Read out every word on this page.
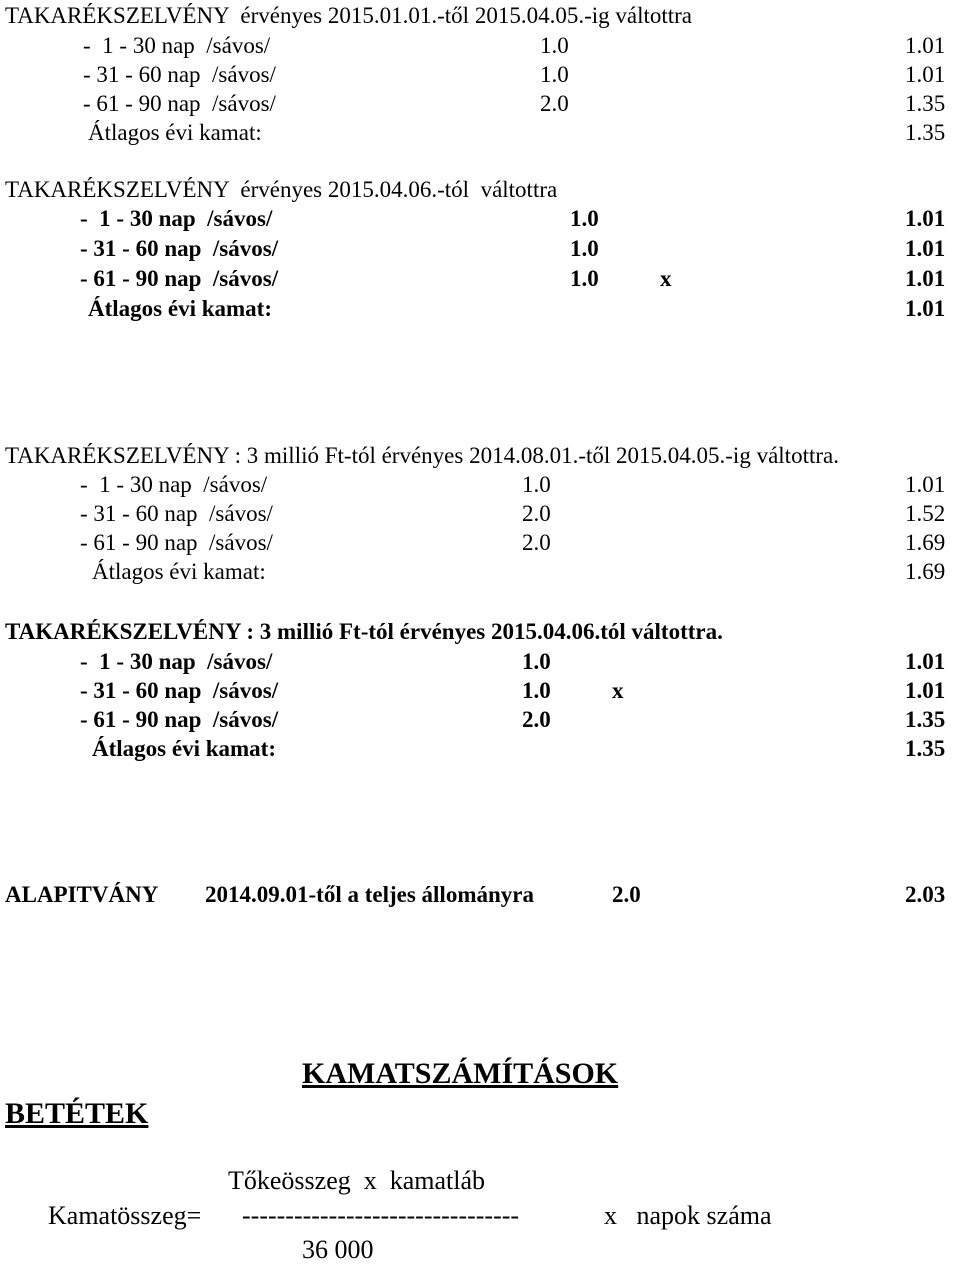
TAKARÉKSZELVÉNY  érvényes 2015.01.01.-től 2015.04.05.-ig váltottra
-  1 - 30 nap  /sávos/	1.0	1.01
- 31 - 60 nap  /sávos/	1.0	1.01
- 61 - 90 nap  /sávos/	2.0	1.35
Átlagos évi kamat:	1.35
TAKARÉKSZELVÉNY  érvényes 2015.04.06.-tól  váltottra
-  1 - 30 nap  /sávos/	1.0	1.01
- 31 - 60 nap  /sávos/	1.0	1.01
- 61 - 90 nap  /sávos/	1.0	x	1.01
Átlagos évi kamat:	1.01
TAKARÉKSZELVÉNY : 3 millió Ft-tól érvényes 2014.08.01.-től 2015.04.05.-ig váltottra.
-  1 - 30 nap  /sávos/	1.0	1.01
- 31 - 60 nap  /sávos/	2.0	1.52
- 61 - 90 nap  /sávos/	2.0	1.69
Átlagos évi kamat:	1.69
TAKARÉKSZELVÉNY : 3 millió Ft-tól érvényes 2015.04.06.tól váltottra.
-  1 - 30 nap  /sávos/	1.0	1.01
- 31 - 60 nap  /sávos/	1.0	x	1.01
- 61 - 90 nap  /sávos/	2.0	1.35
Átlagos évi kamat:	1.35
ALAPITVÁNY 2014.09.01-től a teljes állományra	2.0	2.03
KAMATSZÁMÍTÁSOK
BETÉTEK
Tőkeösszeg  x  kamatláb
Kamatösszeg= --------------------------------	x   napok száma
36 000
